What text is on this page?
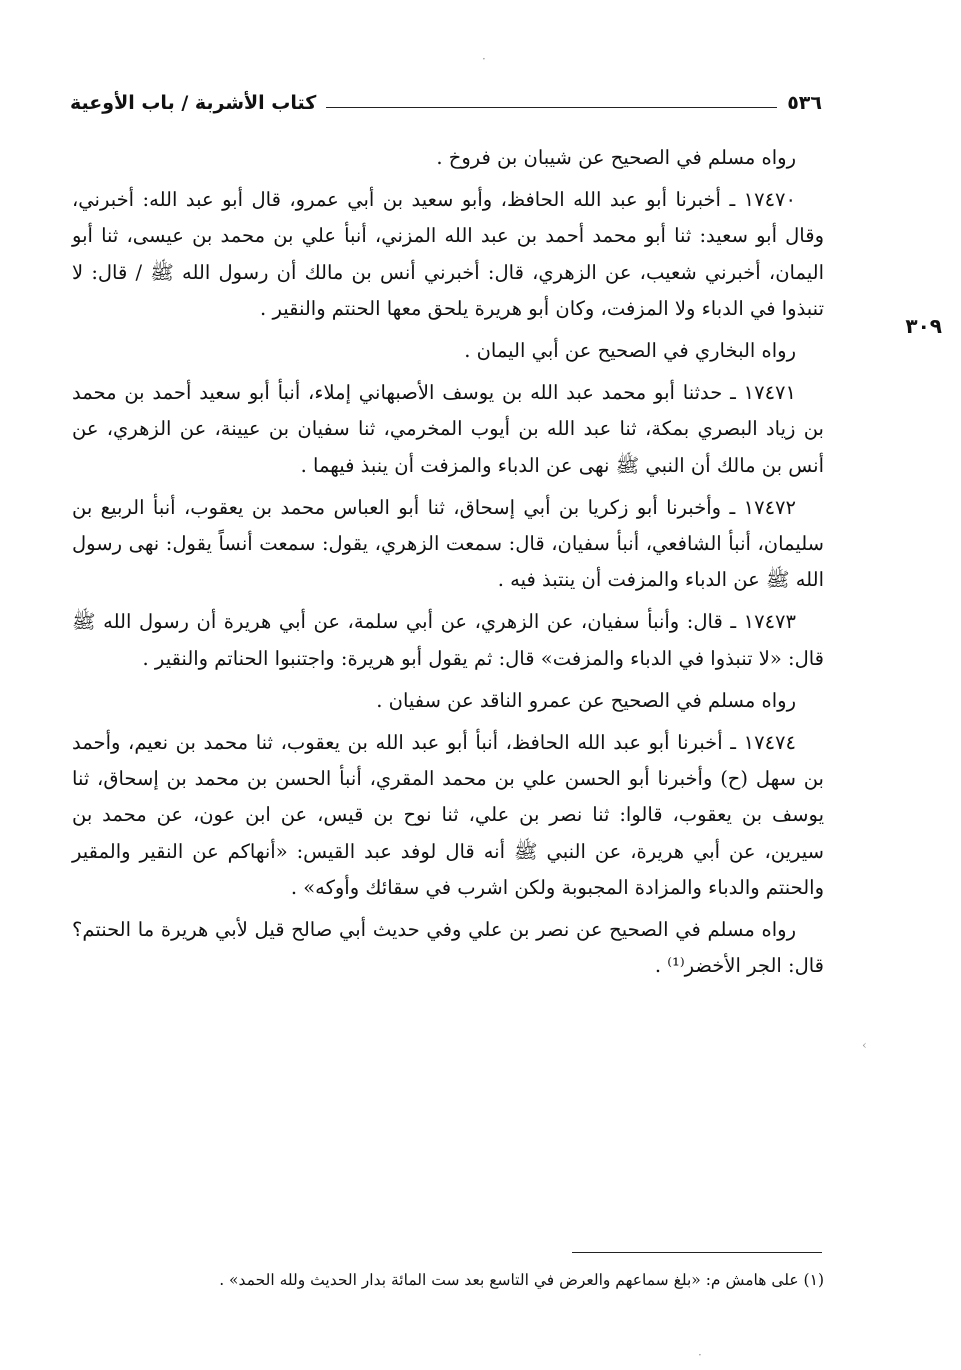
٥٣٦
كتاب الأشربة / باب الأوعية
٣٠٩

رواه مسلم في الصحيح عن شيبان بن فروخ .

١٧٤٧٠ ـ أخبرنا أبو عبد الله الحافظ، وأبو سعيد بن أبي عمرو، قال أبو عبد الله: أخبرني، وقال أبو سعيد: ثنا أبو محمد أحمد بن عبد الله المزني، أنبأ علي بن محمد بن عيسى، ثنا أبو اليمان، أخبرني شعيب، عن الزهري، قال: أخبرني أنس بن مالك أن رسول الله ﷺ / قال: لا تنبذوا في الدباء ولا المزفت، وكان أبو هريرة يلحق معها الحنتم والنقير .

رواه البخاري في الصحيح عن أبي اليمان .

١٧٤٧١ ـ حدثنا أبو محمد عبد الله بن يوسف الأصبهاني إملاء، أنبأ أبو سعيد أحمد بن محمد بن زياد البصري بمكة، ثنا عبد الله بن أيوب المخرمي، ثنا سفيان بن عيينة، عن الزهري، عن أنس بن مالك أن النبي ﷺ نهى عن الدباء والمزفت أن ينبذ فيهما .

١٧٤٧٢ ـ وأخبرنا أبو زكريا بن أبي إسحاق، ثنا أبو العباس محمد بن يعقوب، أنبأ الربيع بن سليمان، أنبأ الشافعي، أنبأ سفيان، قال: سمعت الزهري، يقول: سمعت أنساً يقول: نهى رسول الله ﷺ عن الدباء والمزفت أن ينتبذ فيه .

١٧٤٧٣ ـ قال: وأنبأ سفيان، عن الزهري، عن أبي سلمة، عن أبي هريرة أن رسول الله ﷺ قال: «لا تنبذوا في الدباء والمزفت» قال: ثم يقول أبو هريرة: واجتنبوا الحناتم والنقير .

رواه مسلم في الصحيح عن عمرو الناقد عن سفيان .

١٧٤٧٤ ـ أخبرنا أبو عبد الله الحافظ، أنبأ أبو عبد الله بن يعقوب، ثنا محمد بن نعيم، وأحمد بن سهل (ح) وأخبرنا أبو الحسن علي بن محمد المقري، أنبأ الحسن بن محمد بن إسحاق، ثنا يوسف بن يعقوب، قالوا: ثنا نصر بن علي، ثنا نوح بن قيس، عن ابن عون، عن محمد بن سيرين، عن أبي هريرة، عن النبي ﷺ أنه قال لوفد عبد القيس: «أنهاكم عن النقير والمقير والحنتم والدباء والمزادة المجبوبة ولكن اشرب في سقائك وأوكه» .

رواه مسلم في الصحيح عن نصر بن علي وفي حديث أبي صالح قيل لأبي هريرة ما الحنتم؟ قال: الجر الأخضر⁽¹⁾ .

(١) على هامش م: «بلغ سماعهم والعرض في التاسع بعد ست المائة بدار الحديث ولله الحمد» .
·
‹
·
